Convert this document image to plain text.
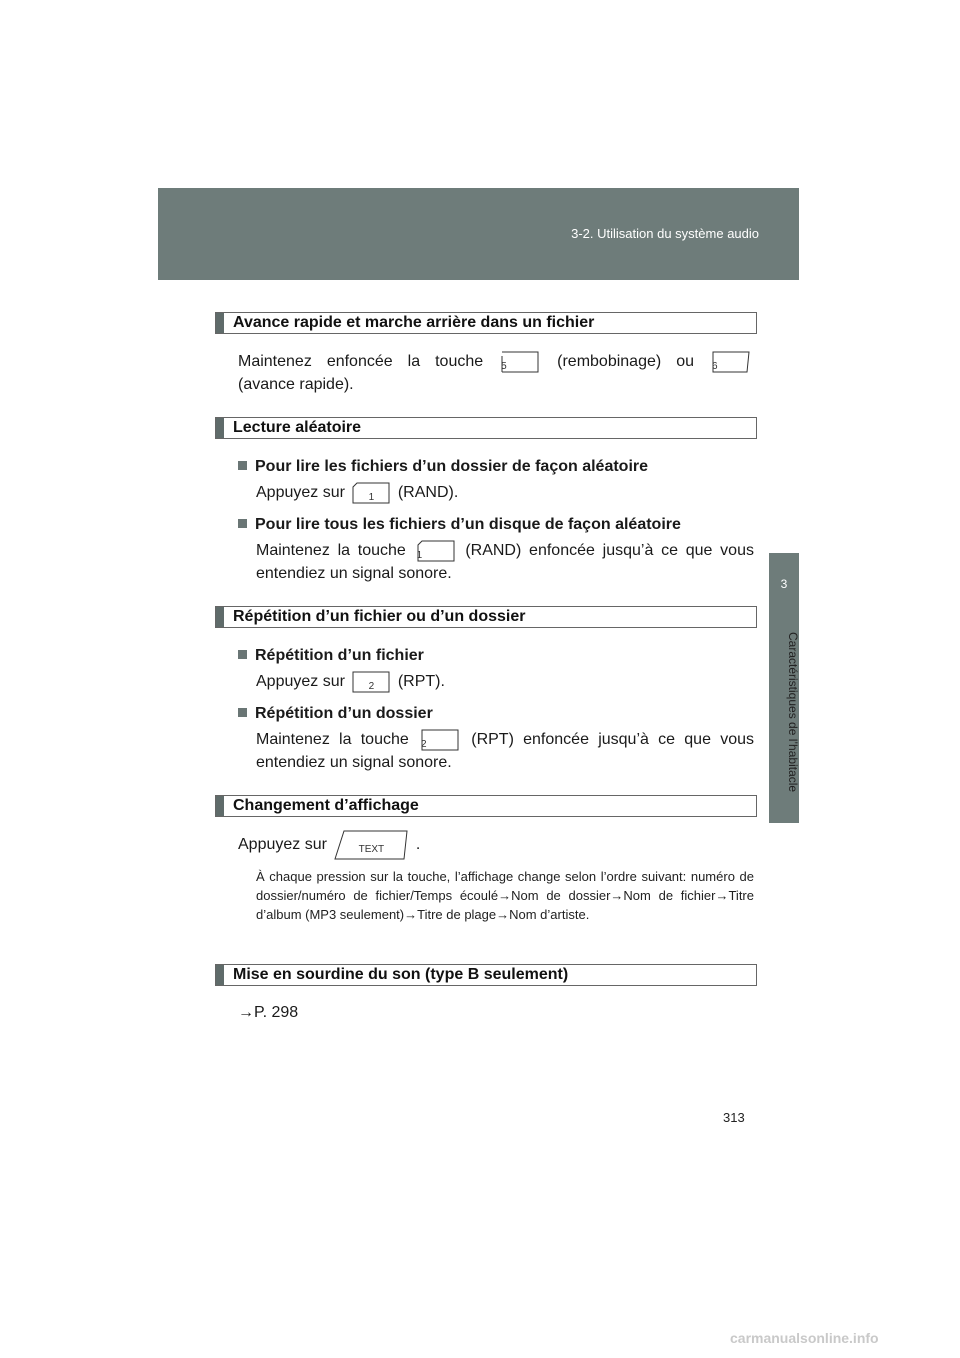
3-2. Utilisation du système audio
3
Caractéristiques de l’habitacle
Avance rapide et marche arrière dans un fichier
Maintenez enfoncée la touche 5	(rembobinage) ou 6
(avance rapide).
Lecture aléatoire
Pour lire les fichiers d’un dossier de façon aléatoire
Appuyez sur	1	(RAND).
Pour lire tous les fichiers d’un disque de façon aléatoire
Maintenez la touche 1	(RAND) enfoncée jusqu’à ce que vous
entendiez un signal sonore.
Répétition d’un fichier ou d’un dossier
Répétition d’un fichier
Appuyez sur	2	(RPT).
Répétition d’un dossier
Maintenez la touche 2	(RPT) enfoncée jusqu’à ce que vous
entendiez un signal sonore.
Changement d’affichage
Appuyez sur	TEXT	.
À chaque pression sur la touche, l’affichage change selon l’ordre suivant: numéro de dossier/numéro de fichier/Temps écoulé→Nom de dossier→Nom de fichier→Titre d’album (MP3 seulement)→Titre de plage→Nom d’artiste.
Mise en sourdine du son (type B seulement)
→P. 298
313
carmanualsonline.info
